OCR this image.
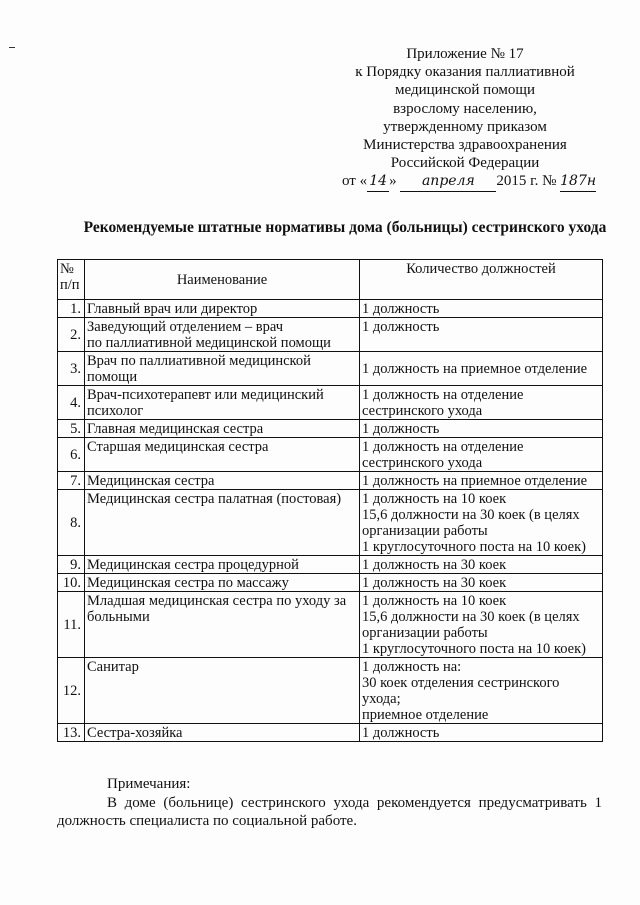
Приложение № 17
к Порядку оказания паллиативной
медицинской помощи
взрослому населению,
утвержденному приказом
Министерства здравоохранения
Российской Федерации
от « 14 » апреля 2015 г. № 187н
Рекомендуемые штатные нормативы дома (больницы) сестринского ухода
№
п/п	Наименование	Количество должностей
1.	Главный врач или директор	1 должность

2.	Заведующий отделением – врач
по паллиативной медицинской помощи	1 должность

3.	Врач по паллиативной медицинской
помощи	1 должность на приемное отделение

4.	Врач-психотерапевт или медицинский
психолог	1 должность на отделение
сестринского ухода

5.	Главная медицинская сестра	1 должность

6.	Старшая медицинская сестра	1 должность на отделение
сестринского ухода

7.	Медицинская сестра	1 должность на приемное отделение

8.	Медицинская сестра палатная (постовая)	1 должность на 10 коек
15,6 должности на 30 коек (в целях
организации работы
1 круглосуточного поста на 10 коек)

9.	Медицинская сестра процедурной	1 должность на 30 коек

10.	Медицинская сестра по массажу	1 должность на 30 коек

11.	Младшая медицинская сестра по уходу за
больными	1 должность на 10 коек
15,6 должности на 30 коек (в целях
организации работы
1 круглосуточного поста на 10 коек)

12.	Санитар	1 должность на:
30 коек отделения сестринского
ухода;
приемное отделение

13.	Сестра-хозяйка	1 должность
Примечания:
В доме (больнице) сестринского ухода рекомендуется предусматривать 1 должность специалиста по социальной работе.
